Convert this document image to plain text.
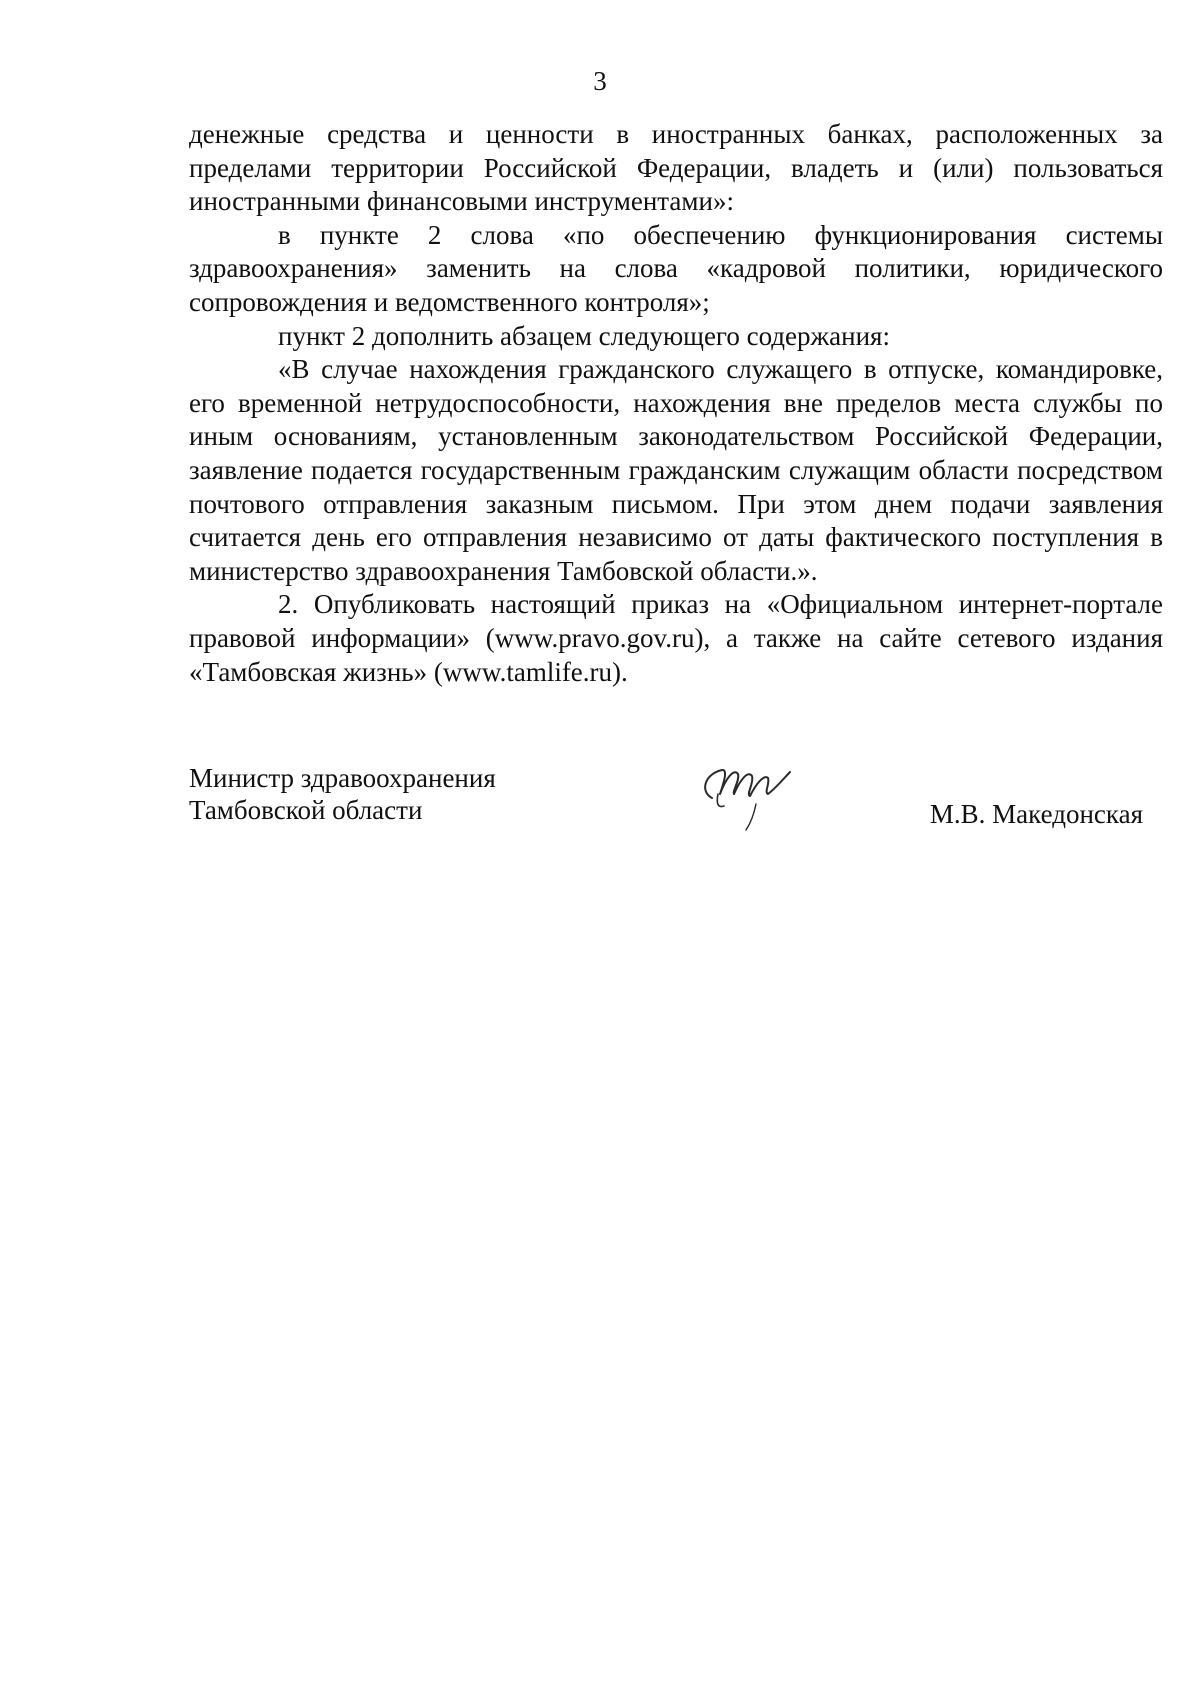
3

денежные средства и ценности в иностранных банках, расположенных за пределами территории Российской Федерации, владеть и (или) пользоваться иностранными финансовыми инструментами»:

в пункте 2 слова «по обеспечению функционирования системы здравоохранения» заменить на слова «кадровой политики, юридического сопровождения и ведомственного контроля»;

пункт 2 дополнить абзацем следующего содержания:

«В случае нахождения гражданского служащего в отпуске, командировке, его временной нетрудоспособности, нахождения вне пределов места службы по иным основаниям, установленным законодательством Российской Федерации, заявление подается государственным гражданским служащим области посредством почтового отправления заказным письмом. При этом днем подачи заявления считается день его отправления независимо от даты фактического поступления в министерство здравоохранения Тамбовской области.».

2. Опубликовать настоящий приказ на «Официальном интернет-портале правовой информации» (www.pravo.gov.ru), а также на сайте сетевого издания «Тамбовская жизнь» (www.tamlife.ru).

Министр здравоохранения
Тамбовской области	М.В. Македонская
